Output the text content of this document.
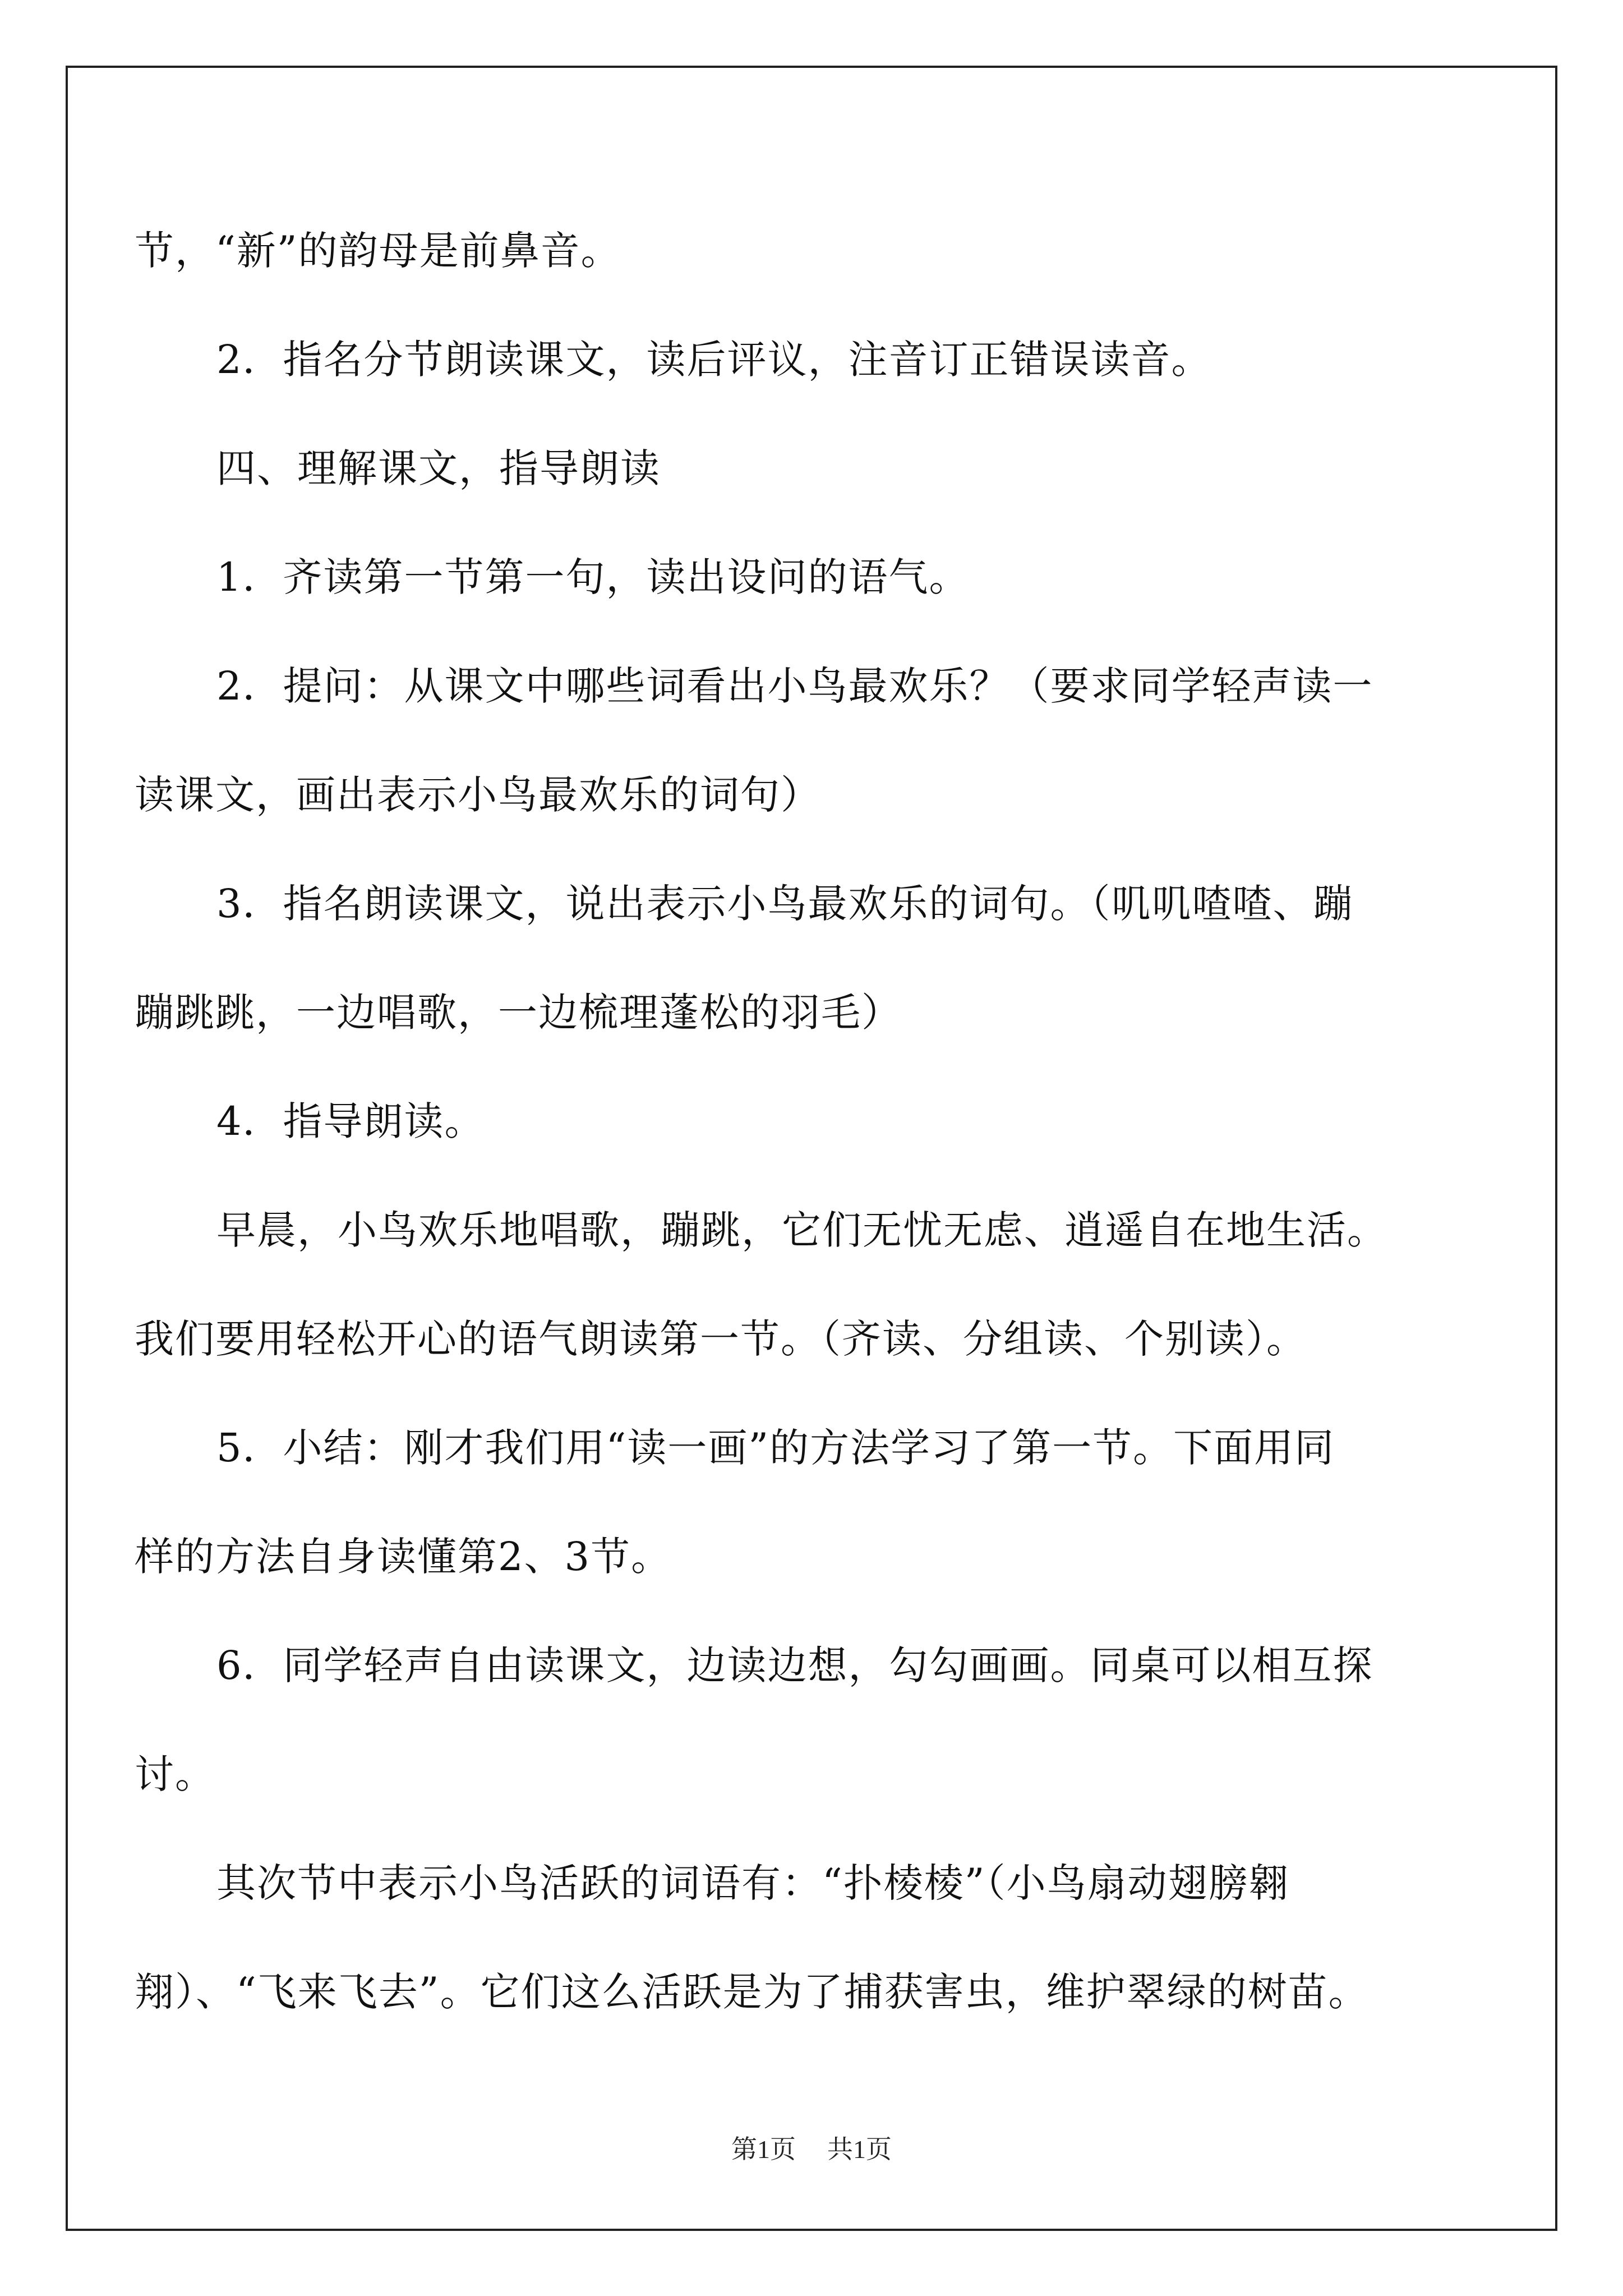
节，“新”的韵母是前鼻音。
2．指名分节朗读课文，读后评议，注音订正错误读音。
四、理解课文，指导朗读
1．齐读第一节第一句，读出设问的语气。
2．提问：从课文中哪些词看出小鸟最欢乐？（要求同学轻声读一
读课文，画出表示小鸟最欢乐的词句）
3．指名朗读课文，说出表示小鸟最欢乐的词句。（叽叽喳喳、蹦
蹦跳跳，一边唱歌，一边梳理蓬松的羽毛）
4．指导朗读。
早晨，小鸟欢乐地唱歌，蹦跳，它们无忧无虑、逍遥自在地生活。
我们要用轻松开心的语气朗读第一节。（齐读、分组读、个别读）。
5．小结：刚才我们用“读一画”的方法学习了第一节。下面用同
样的方法自身读懂第2、3节。
6．同学轻声自由读课文，边读边想，勾勾画画。同桌可以相互探
讨。
其次节中表示小鸟活跃的词语有：“扑棱棱”（小鸟扇动翅膀翱
翔）、“飞来飞去”。它们这么活跃是为了捕获害虫，维护翠绿的树苗。
第1页 共1页
